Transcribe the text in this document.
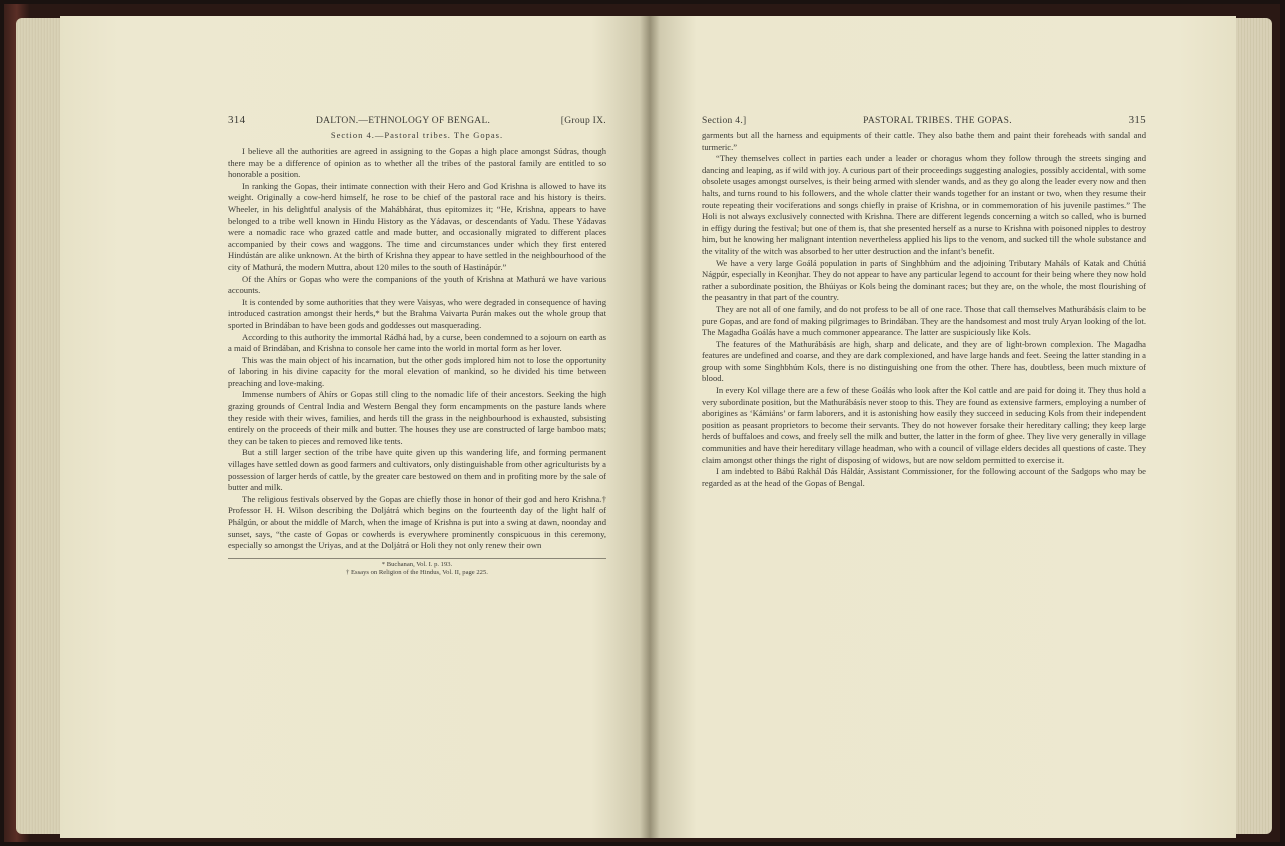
314	DALTON.—ETHNOLOGY OF BENGAL.	[Group IX.
Section 4.—Pastoral tribes. The Gopas.

I believe all the authorities are agreed in assigning to the Gopas a high place amongst Súdras, though there may be a difference of opinion as to whether all the tribes of the pastoral family are entitled to so honorable a position.

In ranking the Gopas, their intimate connection with their Hero and God Krishna is allowed to have its weight. Originally a cow-herd himself, he rose to be chief of the pastoral race and his history is theirs. Wheeler, in his delightful analysis of the Mahábhárat, thus epitomizes it; “He, Krishna, appears to have belonged to a tribe well known in Hindu History as the Yádavas, or descendants of Yadu. These Yádavas were a nomadic race who grazed cattle and made butter, and occasionally migrated to different places accompanied by their cows and waggons. The time and circumstances under which they first entered Hindústán are alike unknown. At the birth of Krishna they appear to have settled in the neighbourhood of the city of Mathurá, the modern Muttra, about 120 miles to the south of Hastinápúr.”

Of the Ahírs or Gopas who were the companions of the youth of Krishna at Mathurá we have various accounts.

It is contended by some authorities that they were Vaisyas, who were degraded in consequence of having introduced castration amongst their herds,* but the Brahma Vaivarta Purán makes out the whole group that sported in Brindában to have been gods and goddesses out masquerading.

According to this authority the immortal Rádhá had, by a curse, been condemned to a sojourn on earth as a maid of Brindában, and Krishna to console her came into the world in mortal form as her lover.

This was the main object of his incarnation, but the other gods implored him not to lose the opportunity of laboring in his divine capacity for the moral elevation of mankind, so he divided his time between preaching and love-making.

Immense numbers of Ahírs or Gopas still cling to the nomadic life of their ancestors. Seeking the high grazing grounds of Central India and Western Bengal they form encampments on the pasture lands where they reside with their wives, families, and herds till the grass in the neighbourhood is exhausted, subsisting entirely on the proceeds of their milk and butter. The houses they use are constructed of large bamboo mats; they can be taken to pieces and removed like tents.

But a still larger section of the tribe have quite given up this wandering life, and forming permanent villages have settled down as good farmers and cultivators, only distinguishable from other agriculturists by a possession of larger herds of cattle, by the greater care bestowed on them and in profiting more by the sale of butter and milk.

The religious festivals observed by the Gopas are chiefly those in honor of their god and hero Krishna.† Professor H. H. Wilson describing the Doljátrá which begins on the fourteenth day of the light half of Phálgún, or about the middle of March, when the image of Krishna is put into a swing at dawn, noonday and sunset, says, “the caste of Gopas or cowherds is everywhere prominently conspicuous in this ceremony, especially so amongst the Uriyas, and at the Doljátrá or Holi they not only renew their own

* Buchanan, Vol. I. p. 193.
† Essays on Religion of the Hindus, Vol. II, page 225.
Section 4.]	PASTORAL TRIBES. THE GOPAS.	315

garments but all the harness and equipments of their cattle. They also bathe them and paint their foreheads with sandal and turmeric.”

“They themselves collect in parties each under a leader or choragus whom they follow through the streets singing and dancing and leaping, as if wild with joy. A curious part of their proceedings suggesting analogies, possibly accidental, with some obsolete usages amongst ourselves, is their being armed with slender wands, and as they go along the leader every now and then halts, and turns round to his followers, and the whole clatter their wands together for an instant or two, when they resume their route repeating their vociferations and songs chiefly in praise of Krishna, or in commemoration of his juvenile pastimes.” The Holi is not always exclusively connected with Krishna. There are different legends concerning a witch so called, who is burned in effigy during the festival; but one of them is, that she presented herself as a nurse to Krishna with poisoned nipples to destroy him, but he knowing her malignant intention nevertheless applied his lips to the venom, and sucked till the whole substance and the vitality of the witch was absorbed to her utter destruction and the infant’s benefit.

We have a very large Goálá population in parts of Singhbhúm and the adjoining Tributary Maháls of Katak and Chútiá Nágpúr, especially in Keonjhar. They do not appear to have any particular legend to account for their being where they now hold rather a subordinate position, the Bhúiyas or Kols being the dominant races; but they are, on the whole, the most flourishing of the peasantry in that part of the country.

They are not all of one family, and do not profess to be all of one race. Those that call themselves Mathurábásís claim to be pure Gopas, and are fond of making pilgrimages to Brindában. They are the handsomest and most truly Aryan looking of the lot. The Magadha Goálás have a much commoner appearance. The latter are suspiciously like Kols.

The features of the Mathurábásís are high, sharp and delicate, and they are of light-brown complexion. The Magadha features are undefined and coarse, and they are dark complexioned, and have large hands and feet. Seeing the latter standing in a group with some Singhbhúm Kols, there is no distinguishing one from the other. There has, doubtless, been much mixture of blood.

In every Kol village there are a few of these Goálás who look after the Kol cattle and are paid for doing it. They thus hold a very subordinate position, but the Mathurábásís never stoop to this. They are found as extensive farmers, employing a number of aborigines as ‘Kámiáns’ or farm laborers, and it is astonishing how easily they succeed in seducing Kols from their independent position as peasant proprietors to become their servants. They do not however forsake their hereditary calling; they keep large herds of buffaloes and cows, and freely sell the milk and butter, the latter in the form of ghee. They live very generally in village communities and have their hereditary village headman, who with a council of village elders decides all questions of caste. They claim amongst other things the right of disposing of widows, but are now seldom permitted to exercise it.

I am indebted to Bábú Rakhál Dás Háldár, Assistant Commissioner, for the following account of the Sadgops who may be regarded as at the head of the Gopas of Bengal.
